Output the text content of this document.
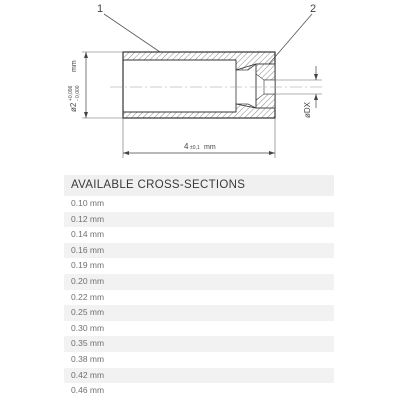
ø2
+0,096 - 0,000
mm
øDX
4 ±0,1 mm
1	2
AVAILABLE CROSS-SECTIONS
0.10 mm
0.12 mm
0.14 mm
0.16 mm
0.19 mm
0.20 mm
0.22 mm
0.25 mm
0.30 mm
0.35 mm
0.38 mm
0.42 mm
0.46 mm
